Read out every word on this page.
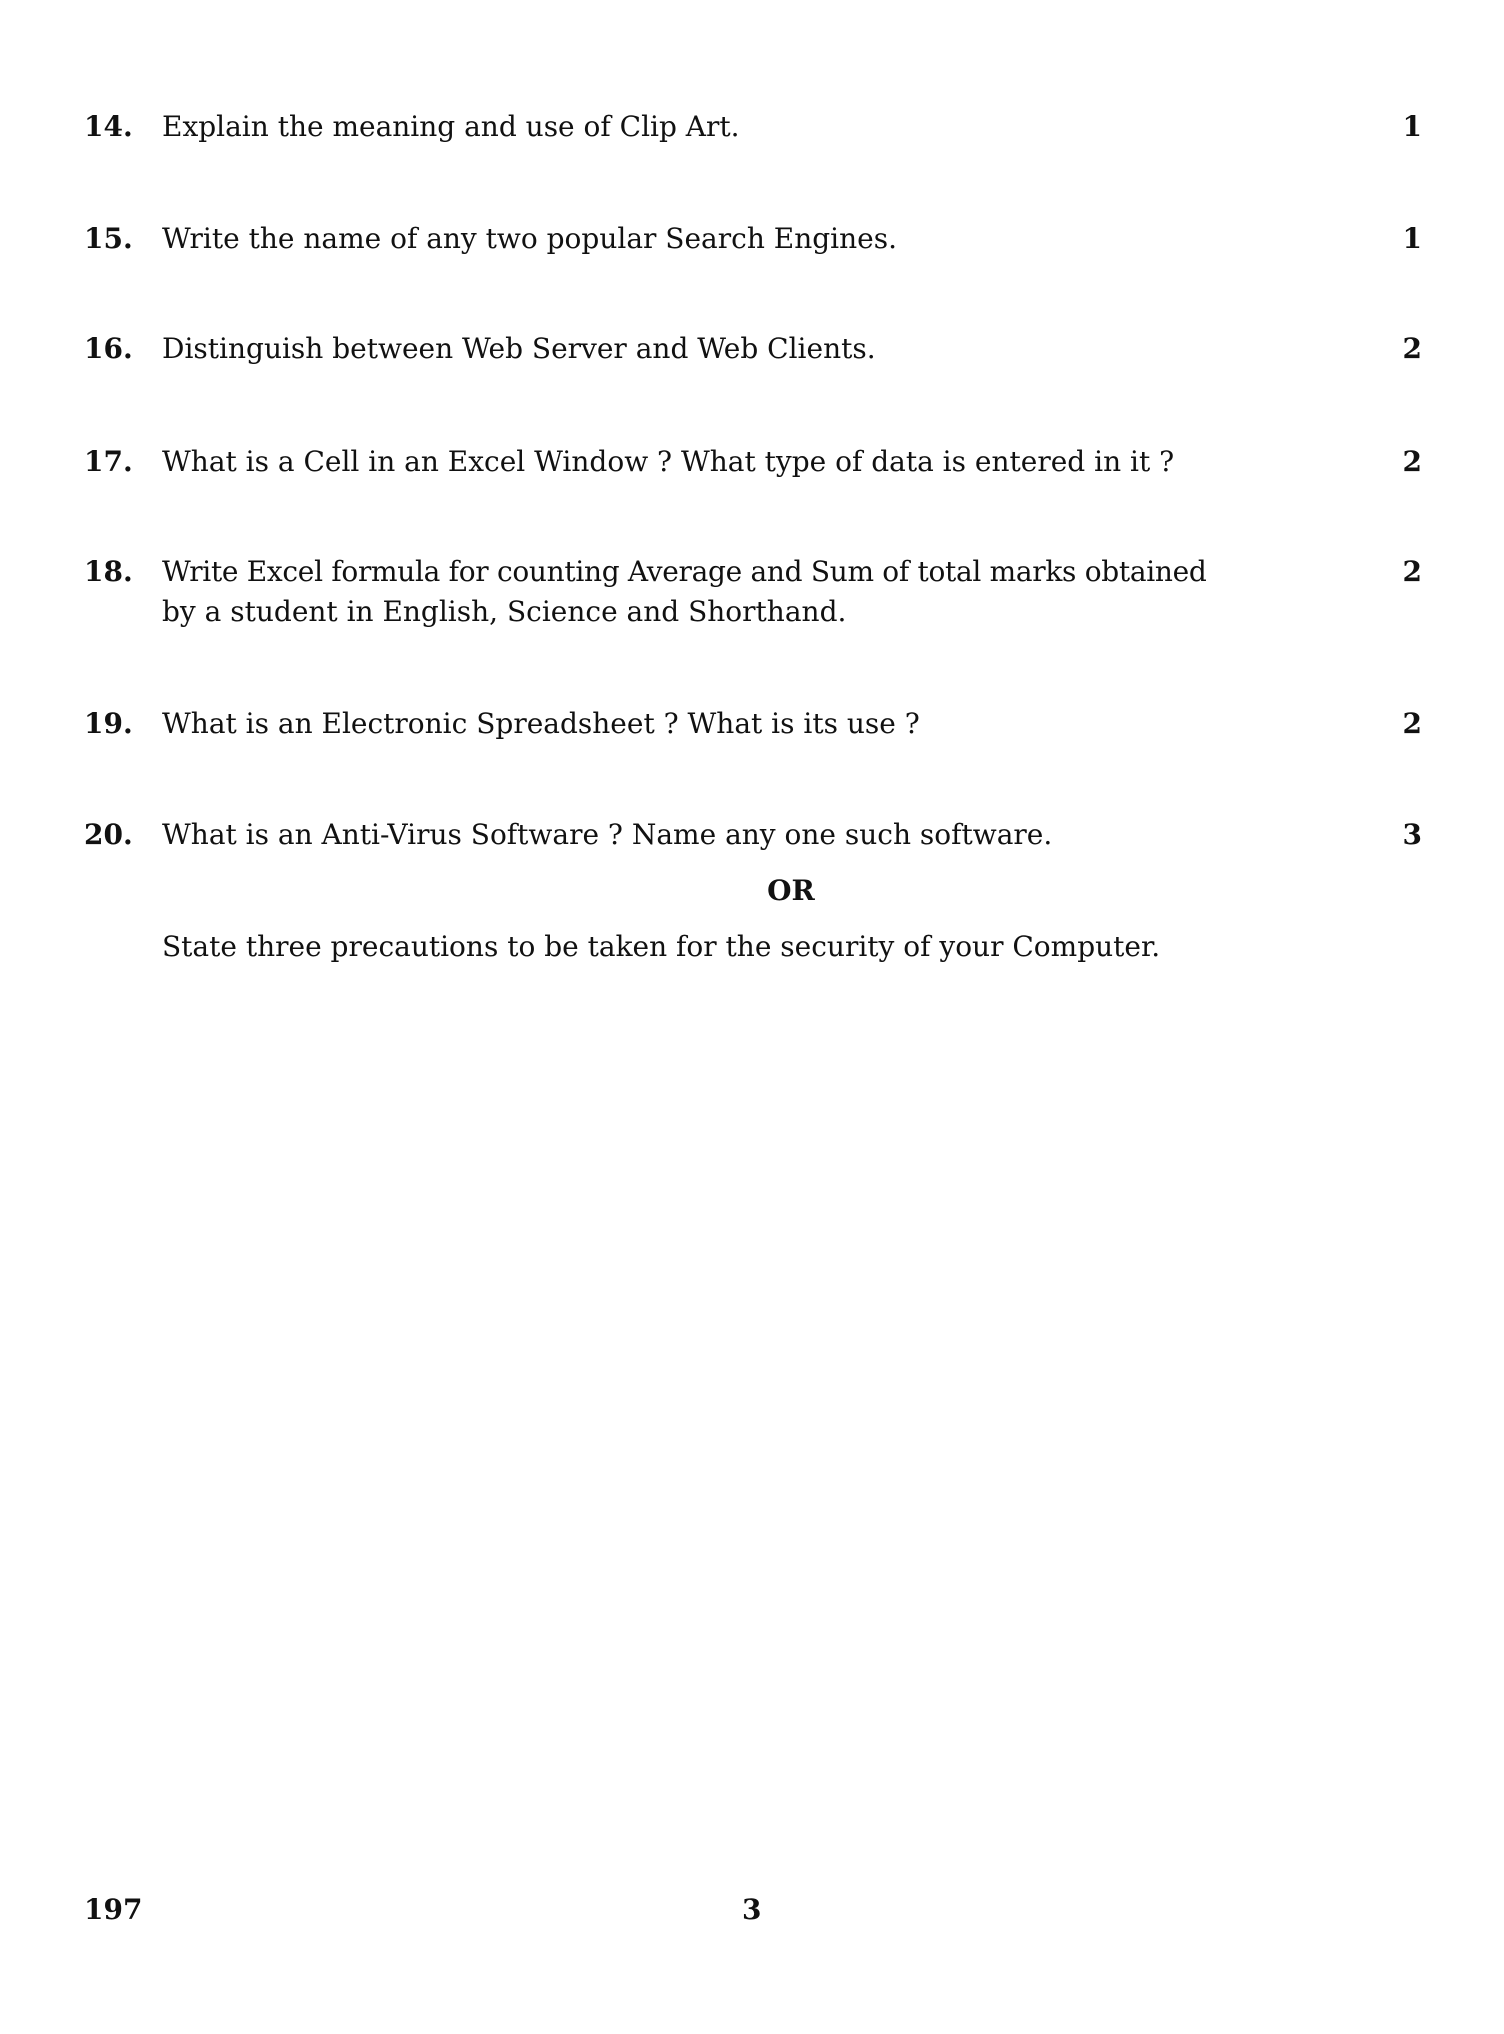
14. Explain the meaning and use of Clip Art.	1
15. Write the name of any two popular Search Engines.	1
16. Distinguish between Web Server and Web Clients.	2
17. What is a Cell in an Excel Window ? What type of data is entered in it ?	2
18. Write Excel formula for counting Average and Sum of total marks obtained	2
by a student in English, Science and Shorthand.
19. What is an Electronic Spreadsheet ? What is its use ?	2
20. What is an Anti-Virus Software ? Name any one such software.	3
OR
State three precautions to be taken for the security of your Computer.
197	3
